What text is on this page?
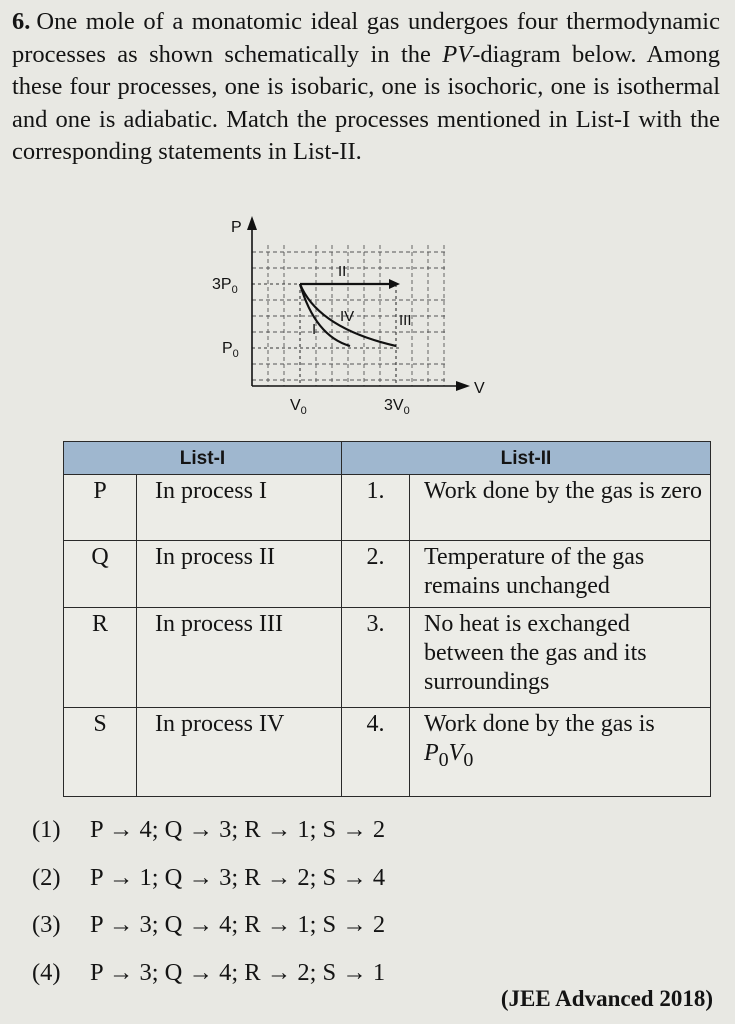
6. One mole of a monatomic ideal gas undergoes four thermodynamic processes as shown schematically in the PV-diagram below. Among these four processes, one is isobaric, one is isochoric, one is isothermal and one is adiabatic. Match the processes mentioned in List-I with the corresponding statements in List-II.
P
V
$3P_0$
$P_0$
$V_0$	$3V_0$
I
II
III
IV
List-I		List-II	
P	In process I	1.	Work done by the gas is zero
Q	In process II	2.	Temperature of the gas remains unchanged
R	In process III	3.	No heat is exchanged between the gas and its surroundings
S	In process IV	4.	Work done by the gas is $P_0V_0$
(1) P → 4; Q → 3; R → 1; S → 2
(2) P → 1; Q → 3; R → 2; S → 4
(3) P → 3; Q → 4; R → 1; S → 2
(4) P → 3; Q → 4; R → 2; S → 1
(JEE Advanced 2018)
